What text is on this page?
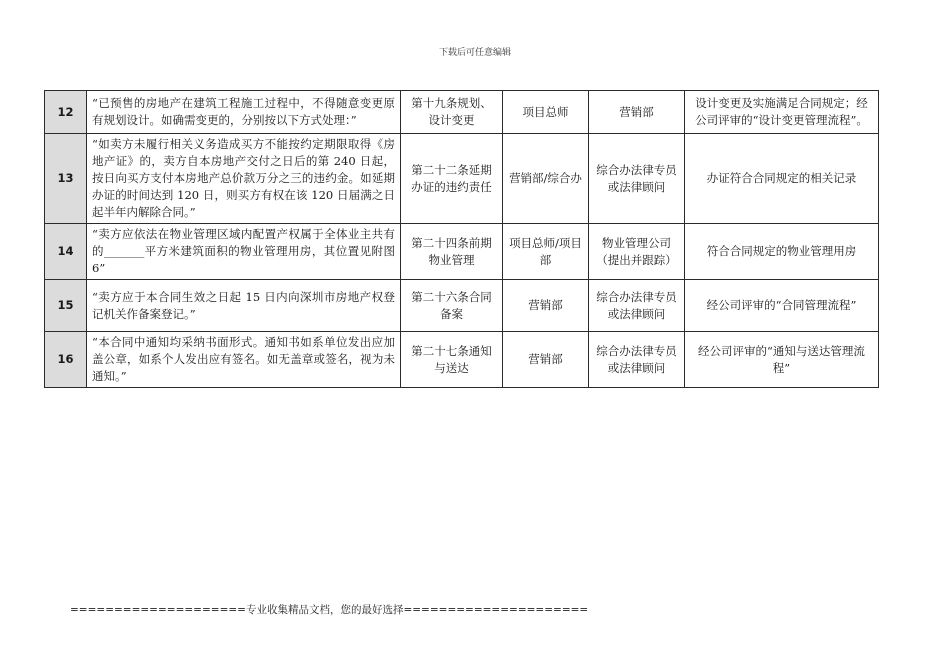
下载后可任意编辑
12	“已预售的房地产在建筑工程施工过程中，不得随意变更原有规划设计。如确需变更的，分别按以下方式处理：”	第十九条规划、设计变更	项目总师	营销部	设计变更及实施满足合同规定；经公司评审的“设计变更管理流程”。
13	“如卖方未履行相关义务造成买方不能按约定期限取得《房地产证》的，卖方自本房地产交付之日后的第 240 日起，按日向买方支付本房地产总价款万分之三的违约金。如延期办证的时间达到 120 日，则买方有权在该 120 日届满之日起半年内解除合同。”	第二十二条延期办证的违约责任	营销部/综合办	综合办法律专员或法律顾问	办证符合合同规定的相关记录
14	“卖方应依法在物业管理区域内配置产权属于全体业主共有的_______平方米建筑面积的物业管理用房，其位置见附图6”	第二十四条前期物业管理	项目总师/项目部	物业管理公司（提出并跟踪）	符合合同规定的物业管理用房
15	“卖方应于本合同生效之日起 15 日内向深圳市房地产权登记机关作备案登记。”	第二十六条合同备案	营销部	综合办法律专员或法律顾问	经公司评审的“合同管理流程”
16	“本合同中通知均采纳书面形式。通知书如系单位发出应加盖公章，如系个人发出应有签名。如无盖章或签名，视为未通知。”	第二十七条通知与送达	营销部	综合办法律专员或法律顾问	经公司评审的“通知与送达管理流程”
====================专业收集精品文档，您的最好选择=====================
